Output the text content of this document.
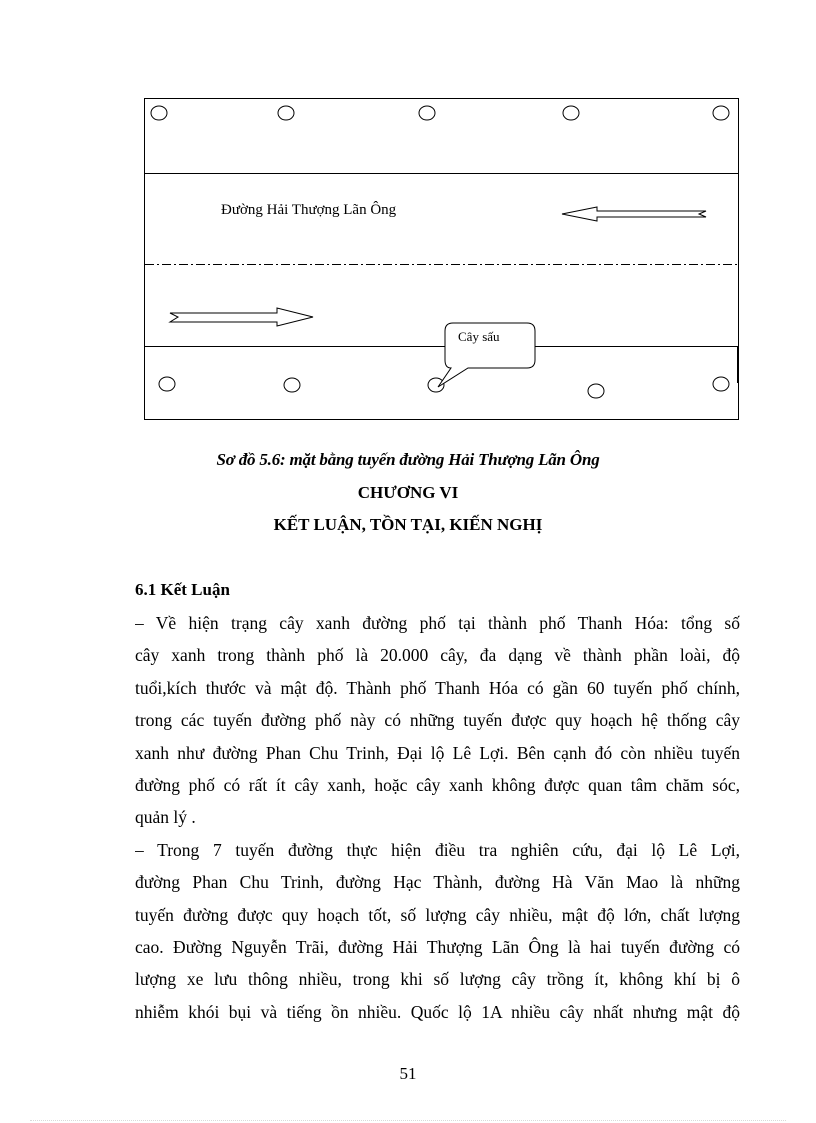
Đường Hải Thượng Lãn Ông
Cây sấu
Sơ đồ 5.6: mặt bằng tuyến đường Hải Thượng Lãn Ông
CHƯƠNG VI
KẾT LUẬN, TỒN TẠI, KIẾN NGHỊ
6.1 Kết Luận
– Về hiện trạng cây xanh đường phố tại thành phố Thanh Hóa: tổng số
cây xanh trong thành phố là 20.000 cây, đa dạng về thành phần loài, độ
tuổi,kích thước và mật độ. Thành phố Thanh Hóa có gần 60 tuyến phố chính,
trong các tuyến đường phố này có những tuyến được quy hoạch hệ thống cây
xanh như đường Phan Chu Trinh, Đại lộ Lê Lợi. Bên cạnh đó còn nhiều tuyến
đường phố có rất ít cây xanh, hoặc cây xanh không được quan tâm chăm sóc,
quản lý .
– Trong 7 tuyến đường thực hiện điều tra nghiên cứu, đại lộ Lê Lợi,
đường Phan Chu Trinh, đường Hạc Thành, đường Hà Văn Mao là những
tuyến đường được quy hoạch tốt, số lượng cây nhiều, mật độ lớn, chất lượng
cao. Đường Nguyễn Trãi, đường Hải Thượng Lãn Ông là hai tuyến đường có
lượng xe lưu thông nhiều, trong khi số lượng cây trồng ít, không khí bị ô
nhiễm khói bụi và tiếng ồn nhiều. Quốc lộ 1A nhiều cây nhất nhưng mật độ
51
